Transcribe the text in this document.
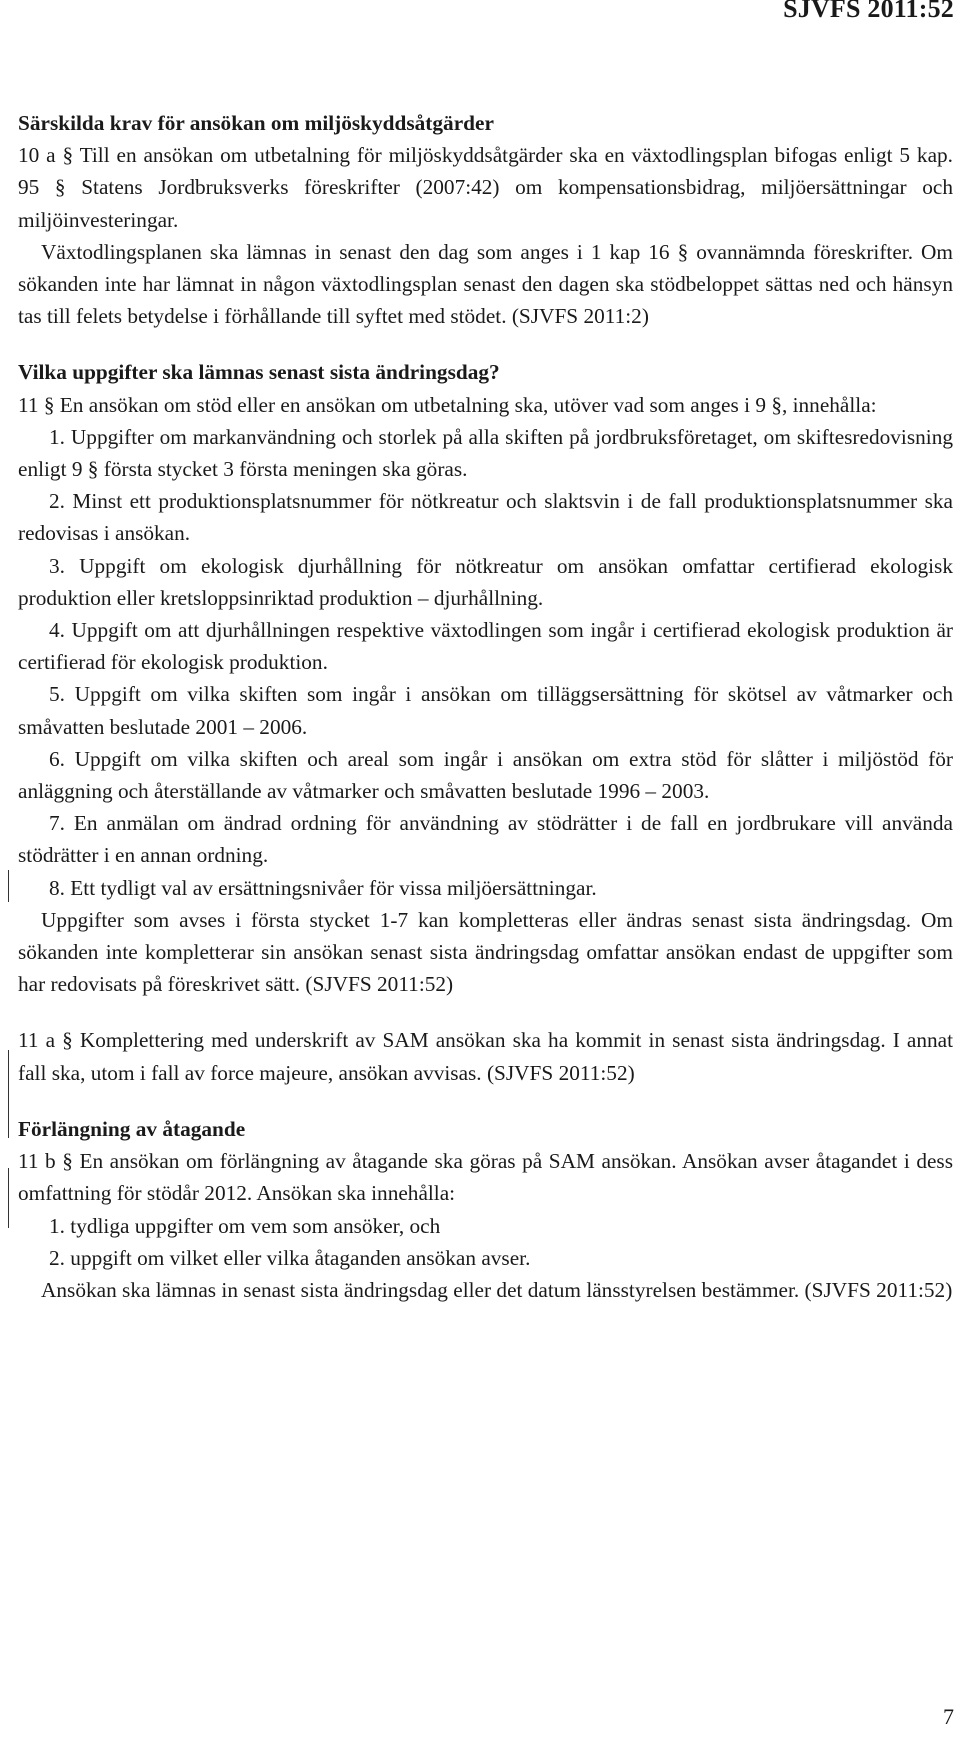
SJVFS 2011:52
Särskilda krav för ansökan om miljöskyddsåtgärder

10 a § Till en ansökan om utbetalning för miljöskyddsåtgärder ska en växtodlingsplan bifogas enligt 5 kap. 95 § Statens Jordbruksverks föreskrifter (2007:42) om kompensationsbidrag, miljöersättningar och miljöinvesteringar.

Växtodlingsplanen ska lämnas in senast den dag som anges i 1 kap 16 § ovannämnda föreskrifter. Om sökanden inte har lämnat in någon växtodlingsplan senast den dagen ska stödbeloppet sättas ned och hänsyn tas till felets betydelse i förhållande till syftet med stödet. (SJVFS 2011:2)

Vilka uppgifter ska lämnas senast sista ändringsdag?

11 § En ansökan om stöd eller en ansökan om utbetalning ska, utöver vad som anges i 9 §, innehålla:

1. Uppgifter om markanvändning och storlek på alla skiften på jordbruksföretaget, om skiftesredovisning enligt 9 § första stycket 3 första meningen ska göras.

2. Minst ett produktionsplatsnummer för nötkreatur och slaktsvin i de fall produktionsplatsnummer ska redovisas i ansökan.

3. Uppgift om ekologisk djurhållning för nötkreatur om ansökan omfattar certifierad ekologisk produktion eller kretsloppsinriktad produktion – djurhållning.

4. Uppgift om att djurhållningen respektive växtodlingen som ingår i certifierad ekologisk produktion är certifierad för ekologisk produktion.

5. Uppgift om vilka skiften som ingår i ansökan om tilläggsersättning för skötsel av våtmarker och småvatten beslutade 2001 – 2006.

6. Uppgift om vilka skiften och areal som ingår i ansökan om extra stöd för slåtter i miljöstöd för anläggning och återställande av våtmarker och småvatten beslutade 1996 – 2003.

7. En anmälan om ändrad ordning för användning av stödrätter i de fall en jordbrukare vill använda stödrätter i en annan ordning.

8. Ett tydligt val av ersättningsnivåer för vissa miljöersättningar.

Uppgifter som avses i första stycket 1-7 kan kompletteras eller ändras senast sista ändringsdag. Om sökanden inte kompletterar sin ansökan senast sista ändringsdag omfattar ansökan endast de uppgifter som har redovisats på föreskrivet sätt. (SJVFS 2011:52)

11 a § Komplettering med underskrift av SAM ansökan ska ha kommit in senast sista ändringsdag. I annat fall ska, utom i fall av force majeure, ansökan avvisas. (SJVFS 2011:52)

Förlängning av åtagande

11 b § En ansökan om förlängning av åtagande ska göras på SAM ansökan. Ansökan avser åtagandet i dess omfattning för stödår 2012. Ansökan ska innehålla:

1. tydliga uppgifter om vem som ansöker, och

2. uppgift om vilket eller vilka åtaganden ansökan avser.

Ansökan ska lämnas in senast sista ändringsdag eller det datum länsstyrelsen bestämmer. (SJVFS 2011:52)

7
